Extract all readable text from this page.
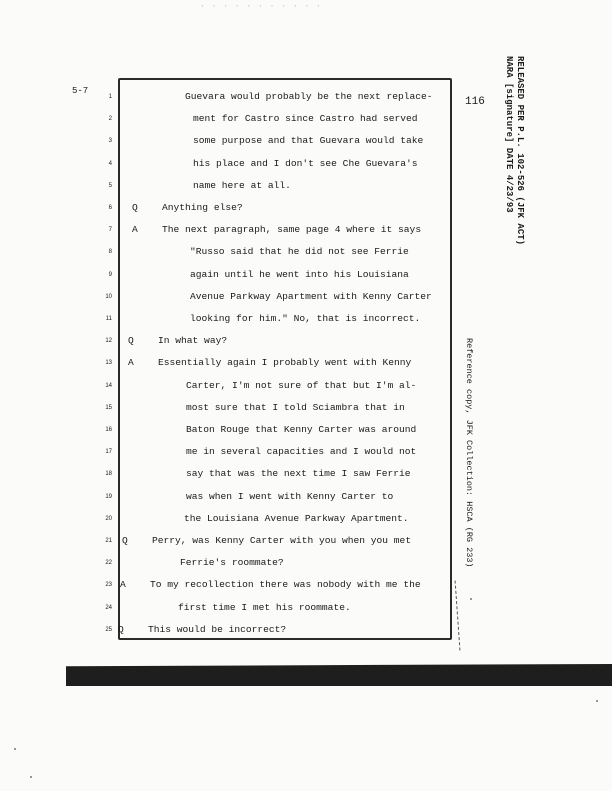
· · · · · · · · · · ·
5-7
116
1	Guevara would probably be the next replace-
2	ment for Castro since Castro had served
3	some purpose and that Guevara would take
4	his place and I don't see Che Guevara's
5	name here at all.
6 Q	Anything else?
7 A	The next paragraph, same page 4 where it says
8	"Russo said that he did not see Ferrie
9	again until he went into his Louisiana
10	Avenue Parkway Apartment with Kenny Carter
11	looking for him." No, that is incorrect.
12 Q	In what way?
13 A	Essentially again I probably went with Kenny
14	Carter, I'm not sure of that but I'm al-
15	most sure that I told Sciambra that in
16	Baton Rouge that Kenny Carter was around
17	me in several capacities and I would not
18	say that was the next time I saw Ferrie
19	was when I went with Kenny Carter to
20	the Louisiana Avenue Parkway Apartment.
21 Q	Perry, was Kenny Carter with you when you met
22	Ferrie's roommate?
23 A	To my recollection there was nobody with me the
24	first time I met his roommate.
25 Q	This would be incorrect?
RELEASED PER P.L. 102-526 (JFK ACT)
NARA [signature] DATE 4/23/93
Reference copy, JFK Collection: HSCA (RG 233)
